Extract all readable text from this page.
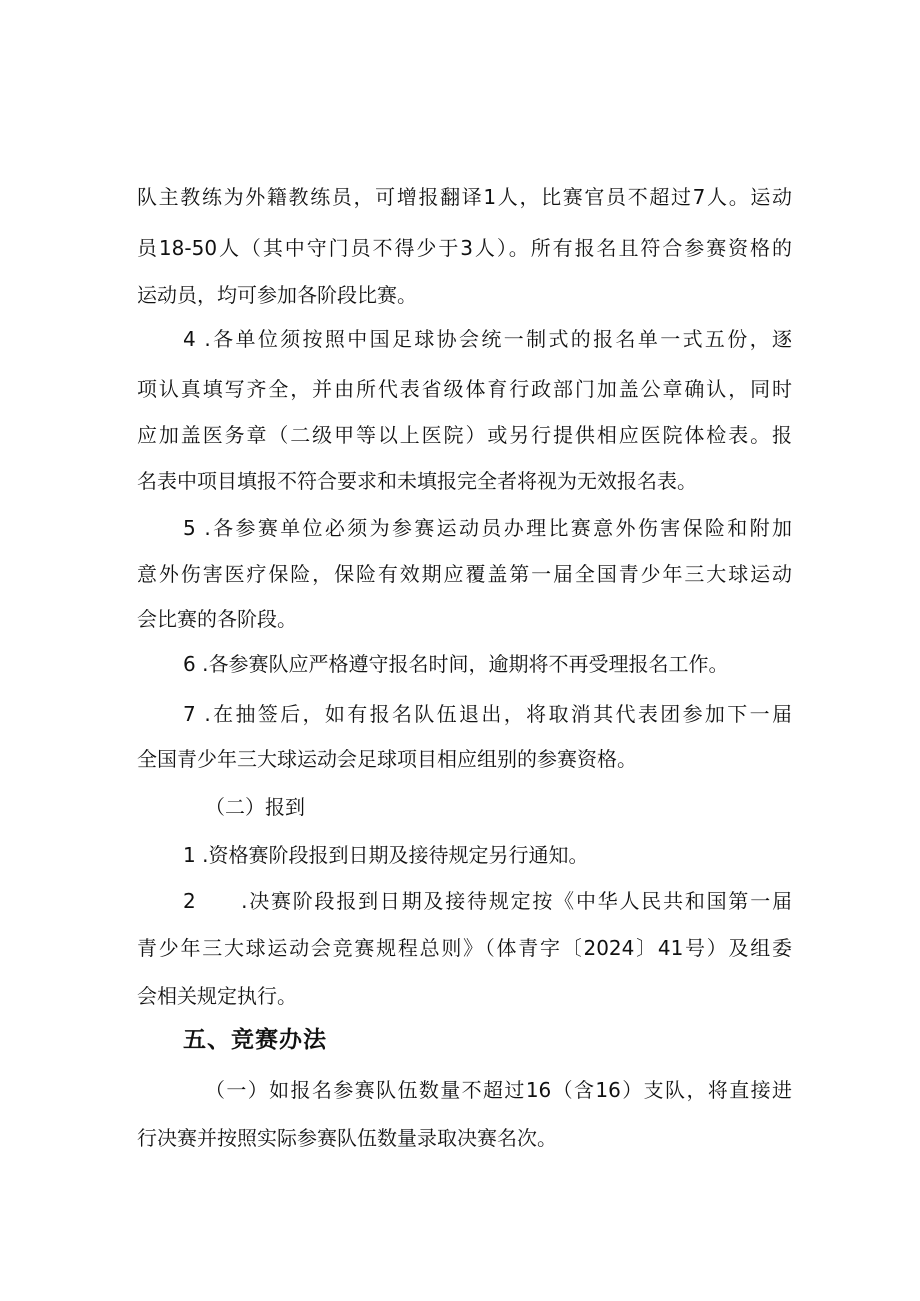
队主教练为外籍教练员，可增报翻译1人，比赛官员不超过7人。运动

员18-50人（其中守门员不得少于3人）。所有报名且符合参赛资格的

运动员，均可参加各阶段比赛。

4 .各单位须按照中国足球协会统一制式的报名单一式五份，逐

项认真填写齐全，并由所代表省级体育行政部门加盖公章确认，同时

应加盖医务章（二级甲等以上医院）或另行提供相应医院体检表。报

名表中项目填报不符合要求和未填报完全者将视为无效报名表。

5 .各参赛单位必须为参赛运动员办理比赛意外伤害保险和附加

意外伤害医疗保险，保险有效期应覆盖第一届全国青少年三大球运动

会比赛的各阶段。

6 .各参赛队应严格遵守报名时间，逾期将不再受理报名工作。

7 .在抽签后，如有报名队伍退出，将取消其代表团参加下一届

全国青少年三大球运动会足球项目相应组别的参赛资格。

（二）报到

1 .资格赛阶段报到日期及接待规定另行通知。

2　　.决赛阶段报到日期及接待规定按《中华人民共和国第一届

青少年三大球运动会竞赛规程总则》（体青字〔2024〕41号）及组委

会相关规定执行。

五、竞赛办法

（一）如报名参赛队伍数量不超过16（含16）支队，将直接进

行决赛并按照实际参赛队伍数量录取决赛名次。
